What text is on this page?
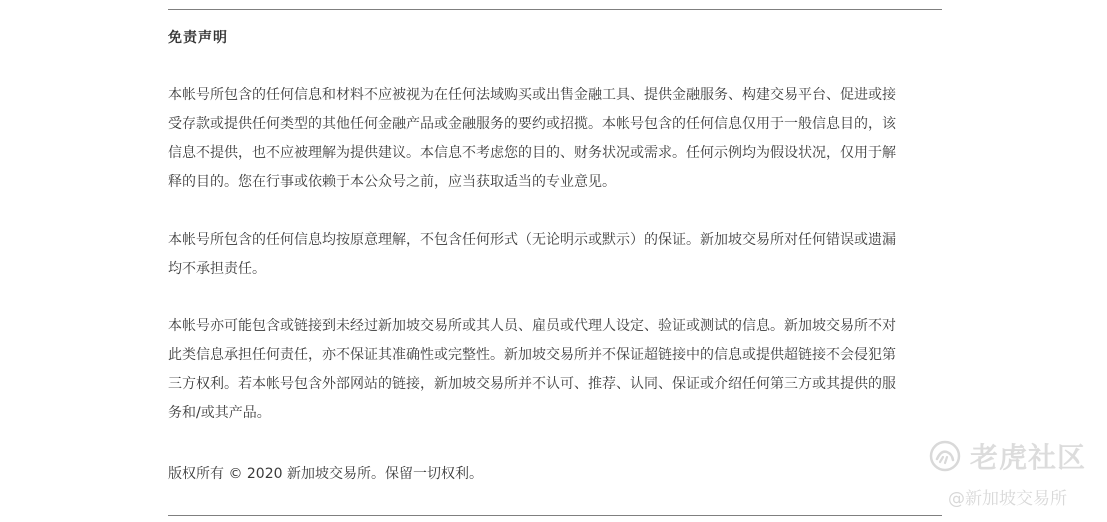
免责声明

本帐号所包含的任何信息和材料不应被视为在任何法域购买或出售金融工具、提供金融服务、构建交易平台、促进或接
受存款或提供任何类型的其他任何金融产品或金融服务的要约或招揽。本帐号包含的任何信息仅用于一般信息目的，该
信息不提供，也不应被理解为提供建议。本信息不考虑您的目的、财务状况或需求。任何示例均为假设状况，仅用于解
释的目的。您在行事或依赖于本公众号之前，应当获取适当的专业意见。

本帐号所包含的任何信息均按原意理解，不包含任何形式（无论明示或默示）的保证。新加坡交易所对任何错误或遗漏
均不承担责任。

本帐号亦可能包含或链接到未经过新加坡交易所或其人员、雇员或代理人设定、验证或测试的信息。新加坡交易所不对
此类信息承担任何责任，亦不保证其准确性或完整性。新加坡交易所并不保证超链接中的信息或提供超链接不会侵犯第
三方权利。若本帐号包含外部网站的链接，新加坡交易所并不认可、推荐、认同、保证或介绍任何第三方或其提供的服
务和/或其产品。

版权所有 © 2020 新加坡交易所。保留一切权利。	老虎社区
@新加坡交易所
